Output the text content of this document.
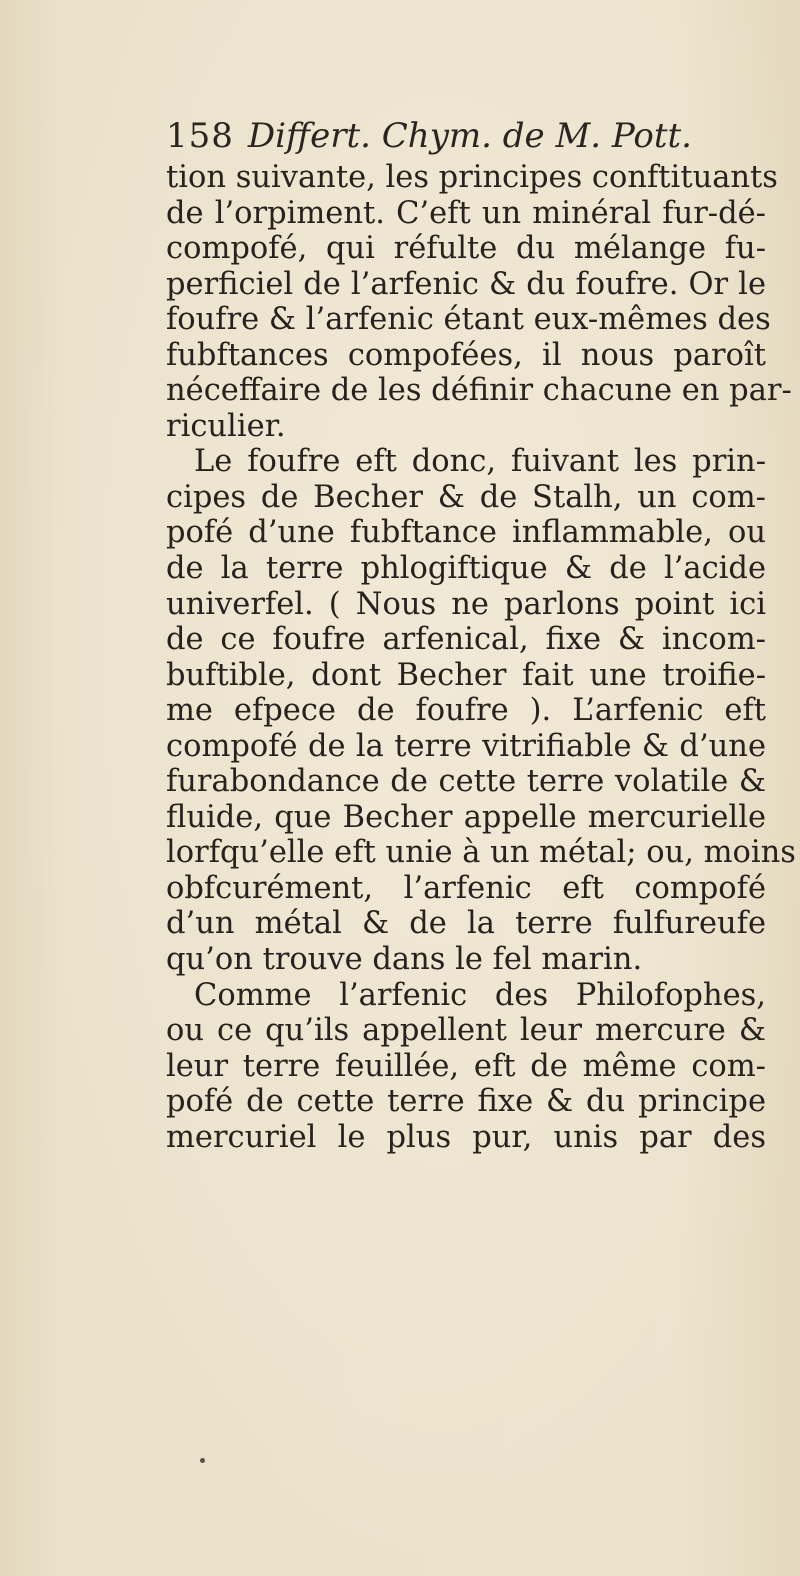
158 Differt. Chym. de M. Pott.
tion suivante, les principes conftituants
de l’orpiment. C’eft un minéral fur-dé-
compofé, qui réfulte du mélange fu-
perficiel de l’arfenic & du foufre. Or le
foufre & l’arfenic étant eux-mêmes des
fubftances compofées, il nous paroît
néceffaire de les définir chacune en par-
riculier.
Le foufre eft donc, fuivant les prin-
cipes de Becher & de Stalh, un com-
pofé d’une fubftance inflammable, ou
de la terre phlogiftique & de l’acide
univerfel. ( Nous ne parlons point ici
de ce foufre arfenical, fixe & incom-
buftible, dont Becher fait une troifie-
me efpece de foufre ). L’arfenic eft
compofé de la terre vitrifiable & d’une
furabondance de cette terre volatile &
fluide, que Becher appelle mercurielle
lorfqu’elle eft unie à un métal; ou, moins
obfcurément, l’arfenic eft compofé
d’un métal & de la terre fulfureufe
qu’on trouve dans le fel marin.
Comme l’arfenic des Philofophes,
ou ce qu’ils appellent leur mercure &
leur terre feuillée, eft de même com-
pofé de cette terre fixe & du principe
mercuriel le plus pur, unis par des
